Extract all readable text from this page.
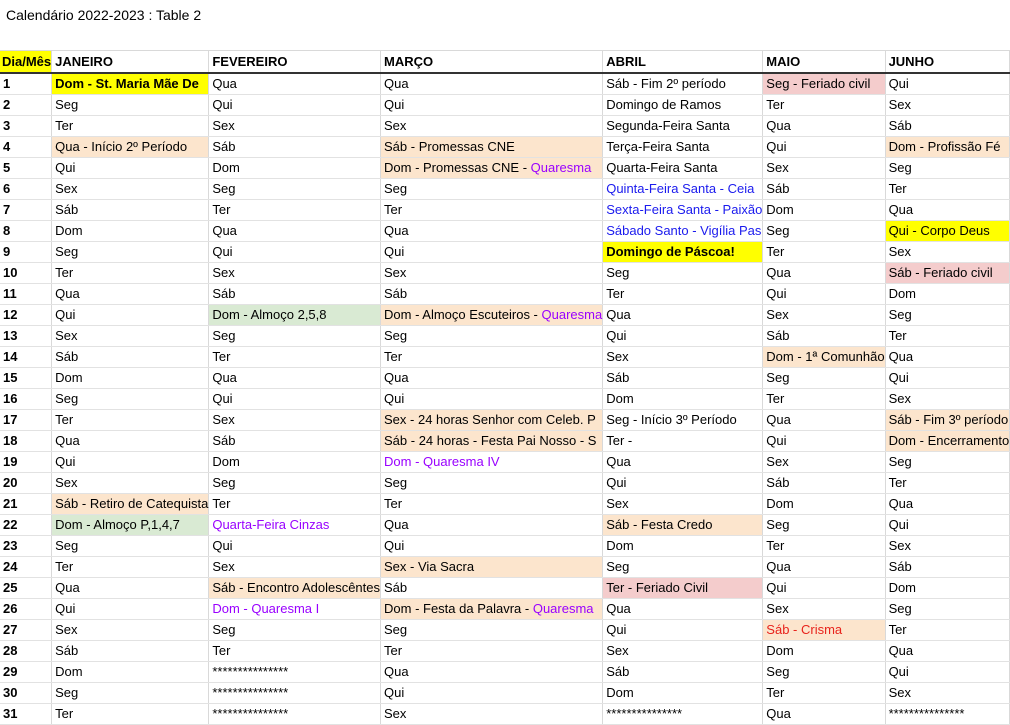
Calendário 2022-2023 : Table 2
Dia/Mês	JANEIRO	FEVEREIRO	MARÇO	ABRIL	MAIO	JUNHO
1	Dom - St. Maria Mãe De	Qua	Qua	Sáb - Fim 2º período	Seg - Feriado civil	Qui
2	Seg	Qui	Qui	Domingo de Ramos	Ter	Sex
3	Ter	Sex	Sex	Segunda-Feira Santa	Qua	Sáb
4	Qua - Início 2º Período	Sáb	Sáb - Promessas CNE	Terça-Feira Santa	Qui	Dom - Profissão Fé
5	Qui	Dom	Dom - Promessas CNE - Quaresma	Quarta-Feira Santa	Sex	Seg
6	Sex	Seg	Seg	Quinta-Feira Santa - Ceia	Sáb	Ter
7	Sáb	Ter	Ter	Sexta-Feira Santa - Paixão	Dom	Qua
8	Dom	Qua	Qua	Sábado Santo - Vigília Pas	Seg	Qui - Corpo Deus
9	Seg	Qui	Qui	Domingo de Páscoa!	Ter	Sex
10	Ter	Sex	Sex	Seg	Qua	Sáb - Feriado civil
11	Qua	Sáb	Sáb	Ter	Qui	Dom
12	Qui	Dom - Almoço 2,5,8	Dom - Almoço Escuteiros - Quaresma	Qua	Sex	Seg
13	Sex	Seg	Seg	Qui	Sáb	Ter
14	Sáb	Ter	Ter	Sex	Dom - 1ª Comunhão	Qua
15	Dom	Qua	Qua	Sáb	Seg	Qui
16	Seg	Qui	Qui	Dom	Ter	Sex
17	Ter	Sex	Sex - 24 horas Senhor com Celeb. P	Seg - Início 3º Período	Qua	Sáb - Fim 3º período
18	Qua	Sáb	Sáb - 24 horas - Festa Pai Nosso - S	Ter -	Qui	Dom - Encerramento
19	Qui	Dom	Dom - Quaresma IV	Qua	Sex	Seg
20	Sex	Seg	Seg	Qui	Sáb	Ter
21	Sáb - Retiro de Catequista	Ter	Ter	Sex	Dom	Qua
22	Dom - Almoço P,1,4,7	Quarta-Feira Cinzas	Qua	Sáb - Festa Credo	Seg	Qui
23	Seg	Qui	Qui	Dom	Ter	Sex
24	Ter	Sex	Sex - Via Sacra	Seg	Qua	Sáb
25	Qua	Sáb - Encontro Adolescêntes	Sáb	Ter - Feriado Civil	Qui	Dom
26	Qui	Dom - Quaresma I	Dom - Festa da Palavra - Quaresma	Qua	Sex	Seg
27	Sex	Seg	Seg	Qui	Sáb - Crisma	Ter
28	Sáb	Ter	Ter	Sex	Dom	Qua
29	Dom	***************	Qua	Sáb	Seg	Qui
30	Seg	***************	Qui	Dom	Ter	Sex
31	Ter	***************	Sex	***************	Qua	***************
